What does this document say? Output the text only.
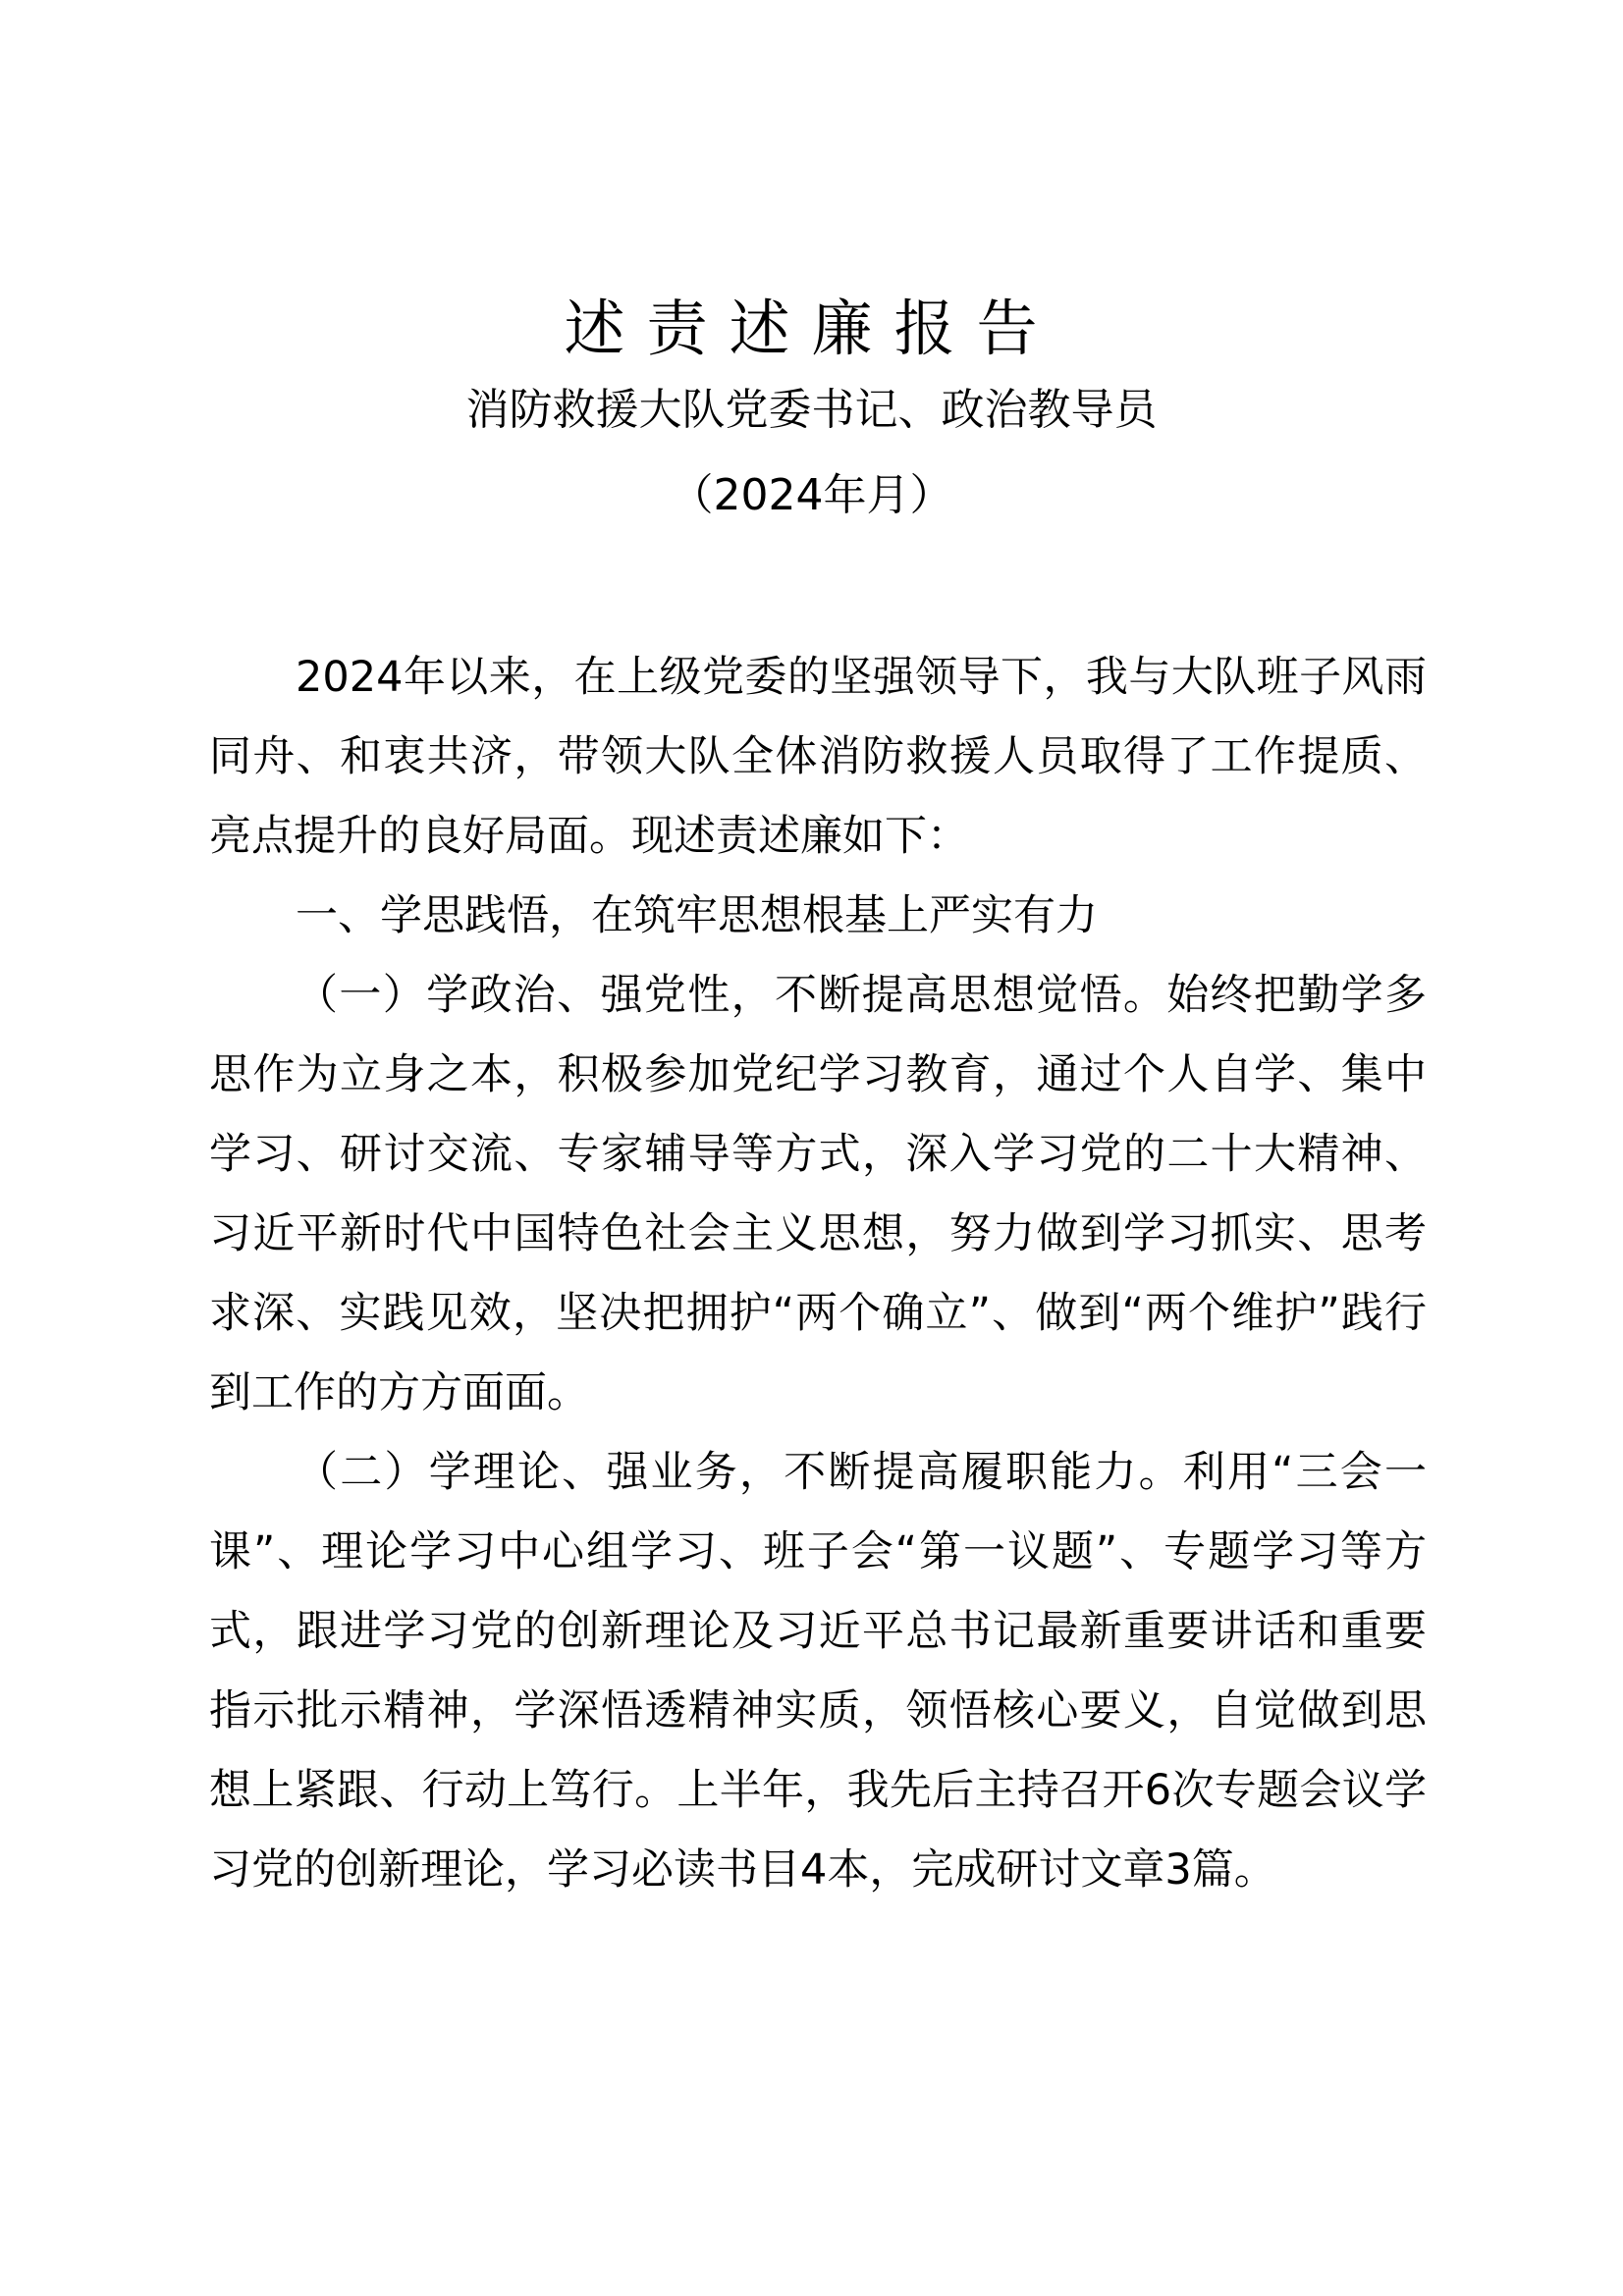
述责述廉报告
消防救援大队党委书记、政治教导员
（2024年月）

2024年以来，在上级党委的坚强领导下，我与大队班子风雨同舟、和衷共济，带领大队全体消防救援人员取得了工作提质、亮点提升的良好局面。现述责述廉如下：

一、学思践悟，在筑牢思想根基上严实有力

（一）学政治、强党性，不断提高思想觉悟。始终把勤学多思作为立身之本，积极参加党纪学习教育，通过个人自学、集中学习、研讨交流、专家辅导等方式，深入学习党的二十大精神、习近平新时代中国特色社会主义思想，努力做到学习抓实、思考求深、实践见效，坚决把拥护“两个确立”、做到“两个维护”践行到工作的方方面面。

（二）学理论、强业务，不断提高履职能力。利用“三会一课”、理论学习中心组学习、班子会“第一议题”、专题学习等方式，跟进学习党的创新理论及习近平总书记最新重要讲话和重要指示批示精神，学深悟透精神实质，领悟核心要义，自觉做到思想上紧跟、行动上笃行。上半年，我先后主持召开6次专题会议学习党的创新理论，学习必读书目4本，完成研讨文章3篇。
